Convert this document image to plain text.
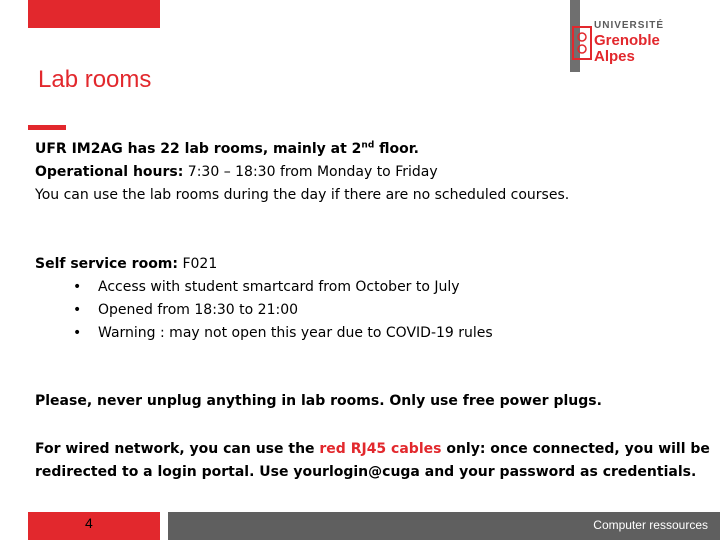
UNIVERSITÉ
Grenoble
Alpes
Lab rooms

UFR IM2AG has 22 lab rooms, mainly at 2nd floor.

Operational hours: 7:30 – 18:30 from Monday to Friday

You can use the lab rooms during the day if there are no scheduled courses.

Self service room: F021

• Access with student smartcard from October to July
• Opened from 18:30 to 21:00
• Warning : may not open this year due to COVID-19 rules

Please, never unplug anything in lab rooms. Only use free power plugs.

For wired network, you can use the red RJ45 cables only: once connected, you will be redirected to a login portal. Use yourlogin@cuga and your password as credentials.

4	Computer ressources
